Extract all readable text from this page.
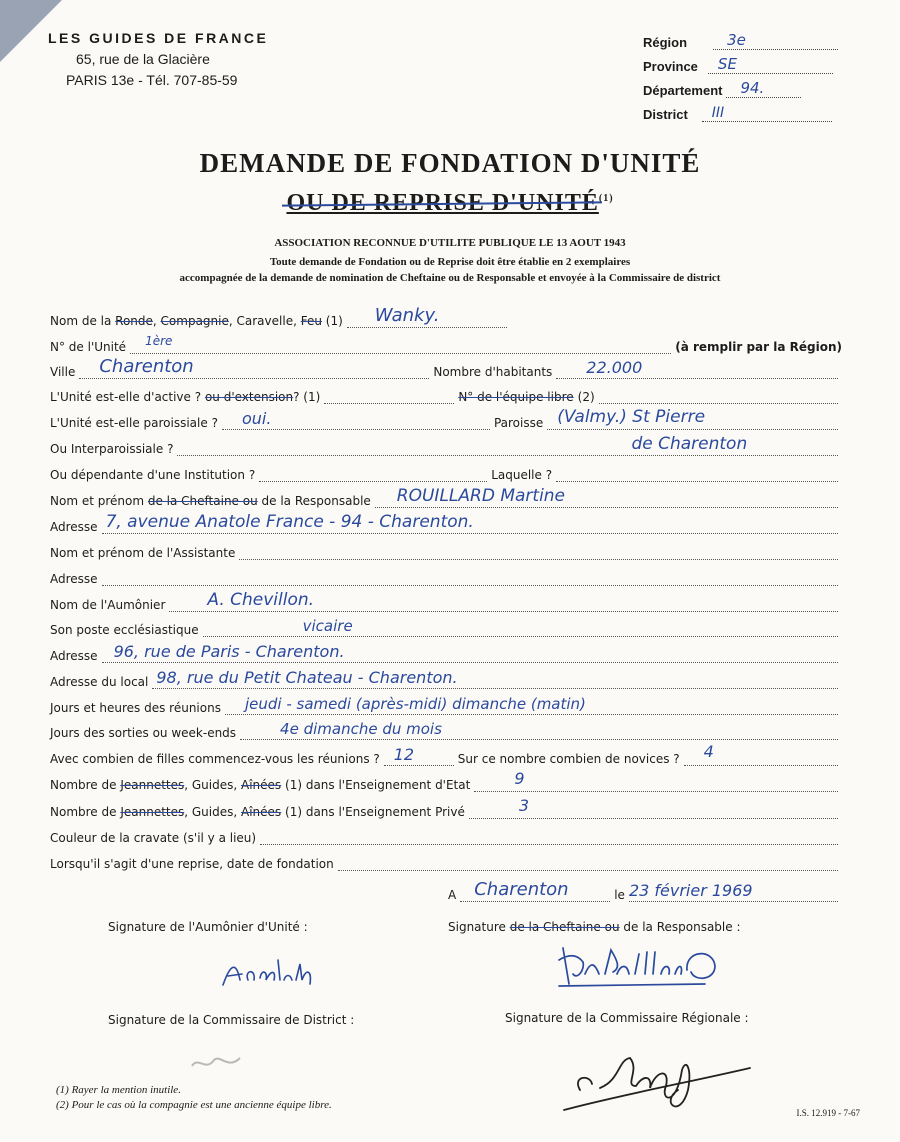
LES GUIDES DE FRANCE
65, rue de la Glacière
PARIS 13e - Tél. 707-85-59
Région	3e
Province SE
Département 94.
District III
DEMANDE DE FONDATION D'UNITÉ
OU DE REPRISE D'UNITÉ
$^{(1)}$
ASSOCIATION RECONNUE D'UTILITE PUBLIQUE LE 13 AOUT 1943
Toute demande de Fondation ou de Reprise doit être établie en 2 exemplaires
accompagnée de la demande de nomination de Cheftaine ou de Responsable et envoyée à la Commissaire de district
Nom de la Ronde, Compagnie, Caravelle, Feu (1) Wanky.
N° de l'Unité 1ère	(à remplir par la Région)
Ville Charenton	Nombre d'habitants 22.000
L'Unité est-elle d'active ? ou d'extension? (1)	N° de l'équipe libre (2)
L'Unité est-elle paroissiale ? oui.	Paroisse (Valmy.) St Pierre
Ou Interparoissiale ?	de Charenton
Ou dépendante d'une Institution ?	Laquelle ?
Nom et prénom de la Cheftaine ou de la Responsable ROUILLARD Martine
Adresse 7, avenue Anatole France - 94 - Charenton.
Nom et prénom de l'Assistante
Adresse
Nom de l'Aumônier A. Chevillon.
Son poste ecclésiastique	vicaire
Adresse 96, rue de Paris - Charenton.
Adresse du local 98, rue du Petit Chateau - Charenton.
Jours et heures des réunions jeudi - samedi (après-midi) dimanche (matin)
Jours des sorties ou week-ends	4e dimanche du mois
Avec combien de filles commencez-vous les réunions ? 12	Sur ce nombre combien de novices ? 4
Nombre de Jeannettes, Guides, Aînées (1) dans l'Enseignement d'Etat	9
Nombre de Jeannettes, Guides, Aînées (1) dans l'Enseignement Privé	3
Couleur de la cravate (s'il y a lieu)
Lorsqu'il s'agit d'une reprise, date de fondation
A Charenton	le 23 février 1969
Signature de l'Aumônier d'Unité :	Signature de la Cheftaine ou de la Responsable :
Signature de la Commissaire de District :	Signature de la Commissaire Régionale :
(1) Rayer la mention inutile.
(2) Pour le cas où la compagnie est une ancienne équipe libre.
I.S. 12.919 - 7-67
